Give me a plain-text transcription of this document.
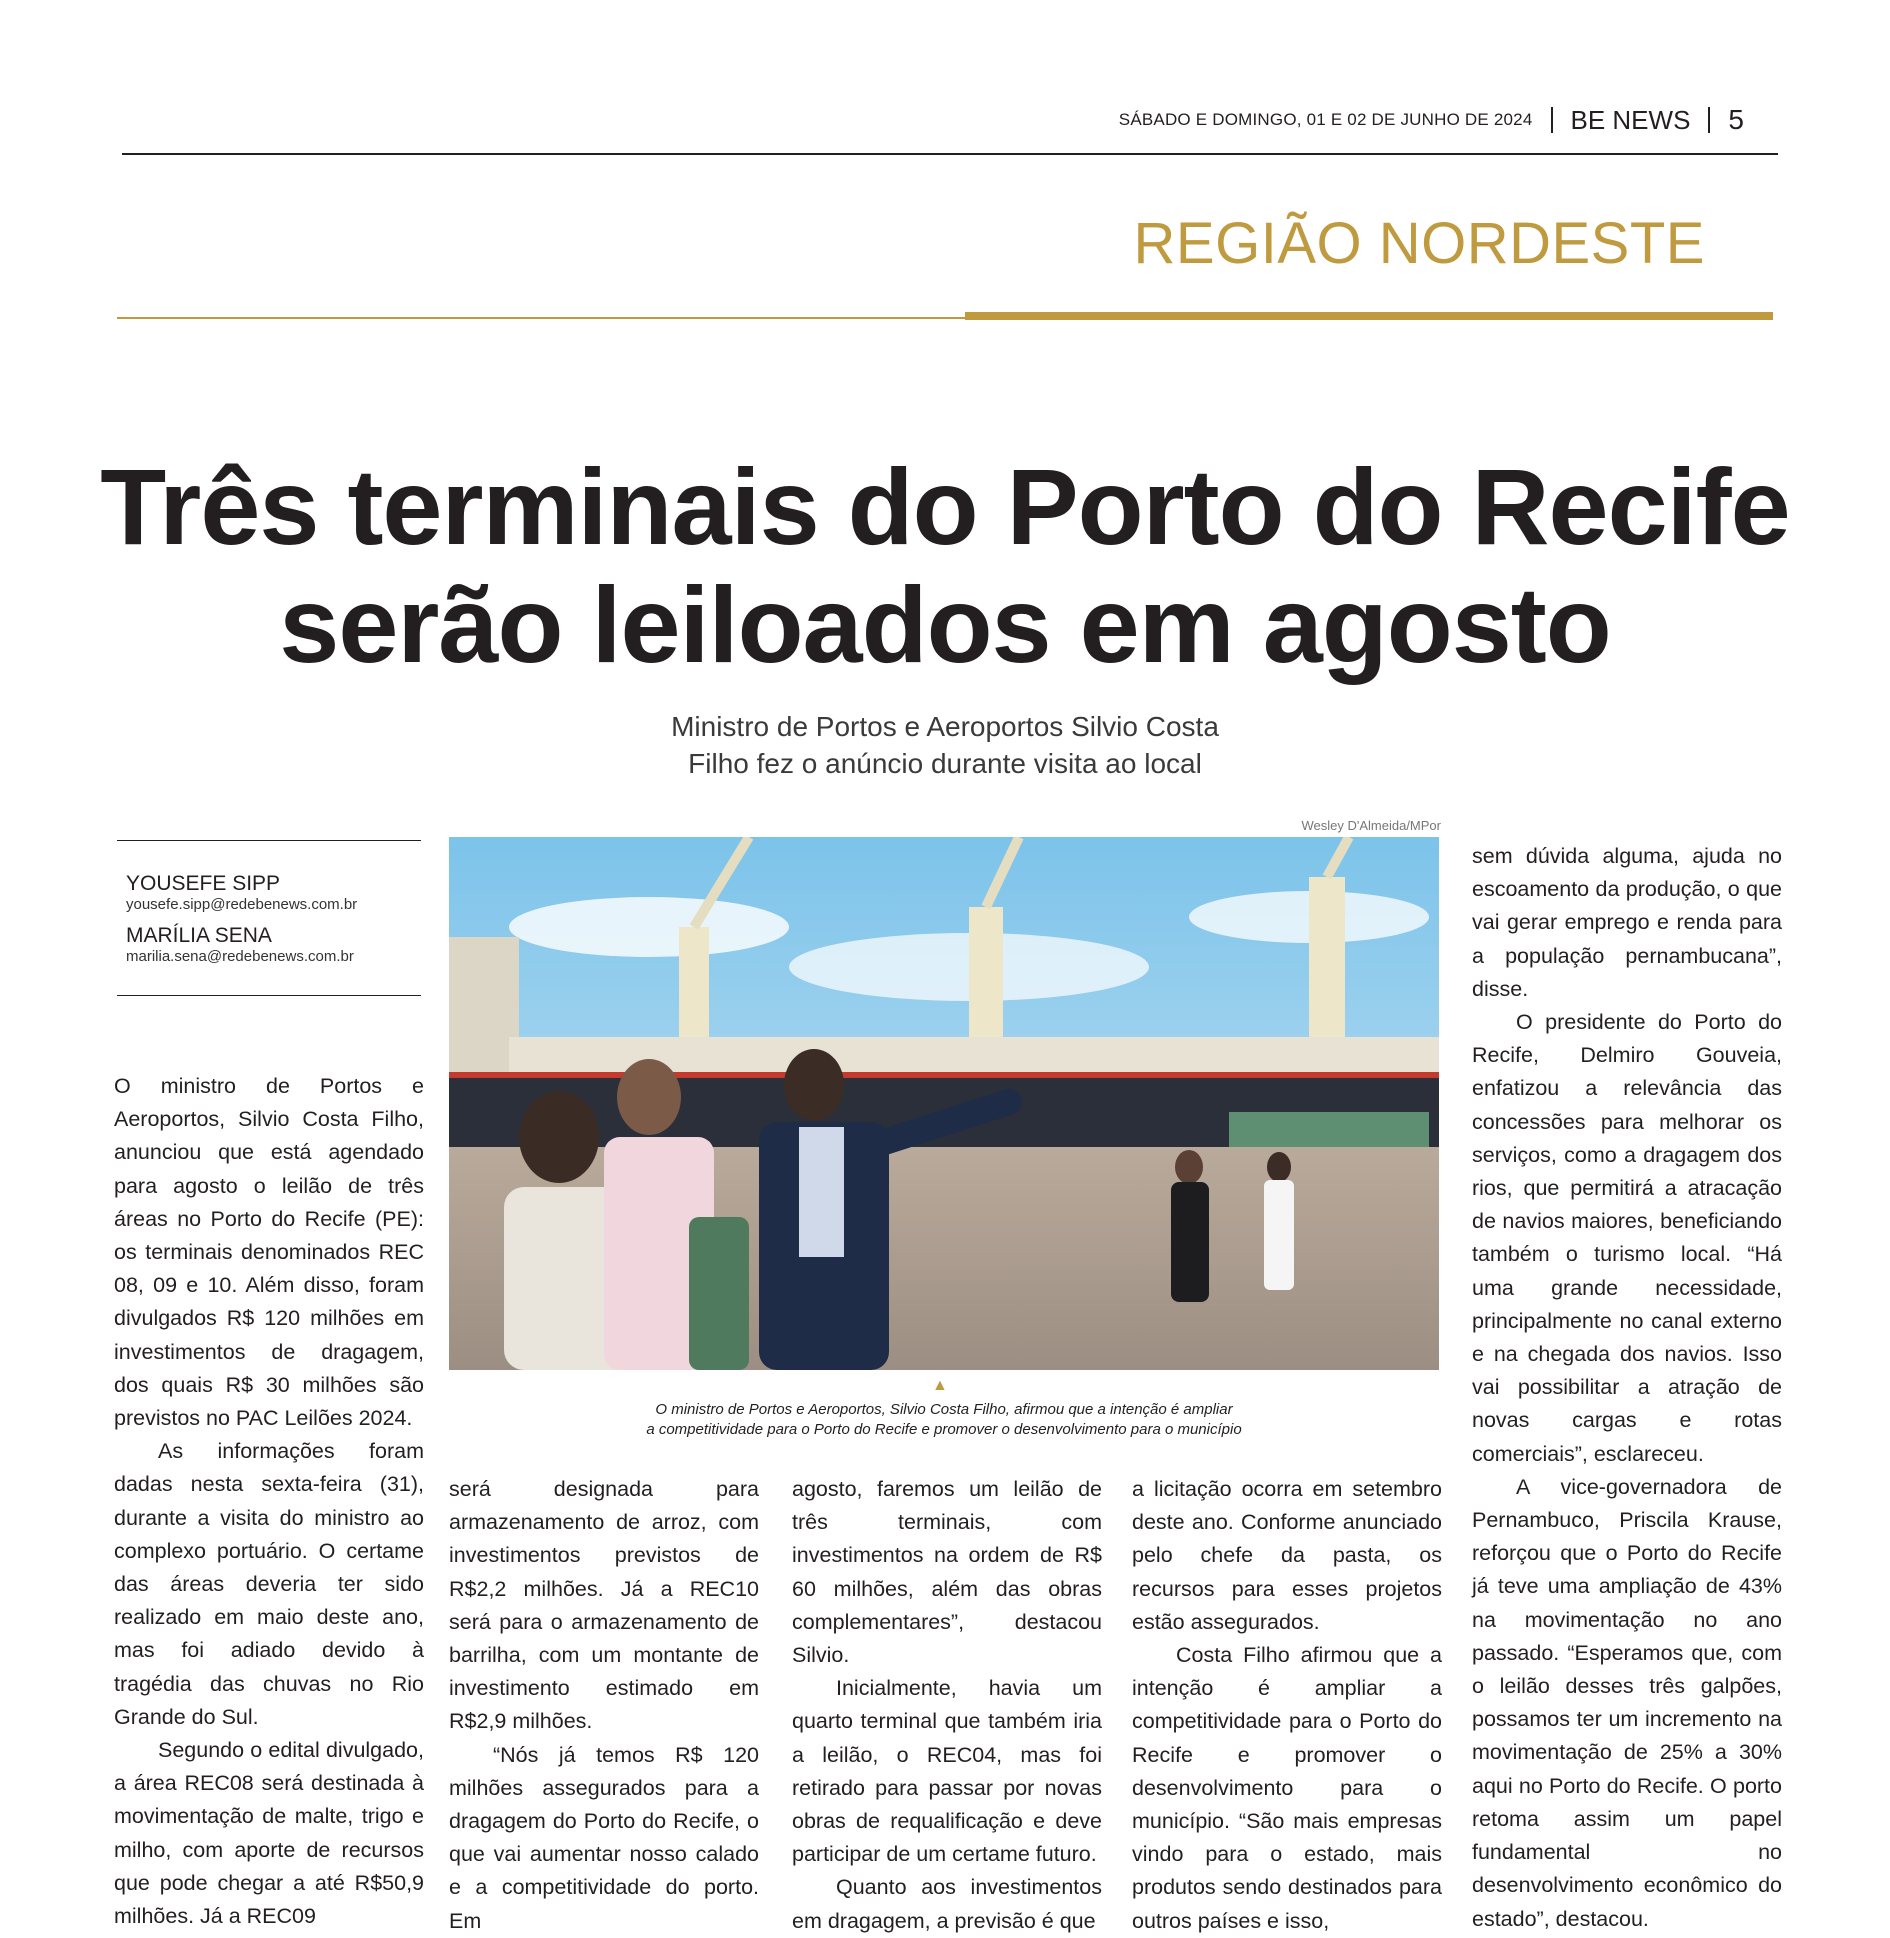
SÁBADO E DOMINGO, 01 E 02 DE JUNHO DE 2024 BE NEWS 5
REGIÃO NORDESTE
Três terminais do Porto do Recife
serão leiloados em agosto
Ministro de Portos e Aeroportos Silvio Costa
Filho fez o anúncio durante visita ao local
YOUSEFE SIPP
yousefe.sipp@redebenews.com.br
MARÍLIA SENA
marilia.sena@redebenews.com.br
Wesley D'Almeida/MPor
▲
O ministro de Portos e Aeroportos, Silvio Costa Filho, afirmou que a intenção é ampliar
a competitividade para o Porto do Recife e promover o desenvolvimento para o município

O ministro de Portos e Aeroportos, Silvio Costa Filho, anunciou que está agendado para agosto o leilão de três áreas no Porto do Recife (PE): os terminais denominados REC 08, 09 e 10. Além disso, foram divulgados R$ 120 milhões em investimentos de dragagem, dos quais R$ 30 milhões são previstos no PAC Leilões 2024.

As informações foram dadas nesta sexta-feira (31), durante a visita do ministro ao complexo portuário. O certame das áreas deveria ter sido realizado em maio deste ano, mas foi adiado devido à tragédia das chuvas no Rio Grande do Sul.

Segundo o edital divulgado, a área REC08 será destinada à movimentação de malte, trigo e milho, com aporte de recursos que pode chegar a até R$50,9 milhões. Já a REC09

será designada para armazenamento de arroz, com investimentos previstos de R$2,2 milhões. Já a REC10 será para o armazenamento de barrilha, com um montante de investimento estimado em R$2,9 milhões.

“Nós já temos R$ 120 milhões assegurados para a dragagem do Porto do Recife, o que vai aumentar nosso calado e a competitividade do porto. Em

agosto, faremos um leilão de três terminais, com investimentos na ordem de R$ 60 milhões, além das obras complementares”, destacou Silvio.

Inicialmente, havia um quarto terminal que também iria a leilão, o REC04, mas foi retirado para passar por novas obras de requalificação e deve participar de um certame futuro.

Quanto aos investimentos em dragagem, a previsão é que

a licitação ocorra em setembro deste ano. Conforme anunciado pelo chefe da pasta, os recursos para esses projetos estão assegurados.

Costa Filho afirmou que a intenção é ampliar a competitividade para o Porto do Recife e promover o desenvolvimento para o município. “São mais empresas vindo para o estado, mais produtos sendo destinados para outros países e isso,

sem dúvida alguma, ajuda no escoamento da produção, o que vai gerar emprego e renda para a população pernambucana”, disse.

O presidente do Porto do Recife, Delmiro Gouveia, enfatizou a relevância das concessões para melhorar os serviços, como a dragagem dos rios, que permitirá a atracação de navios maiores, beneficiando também o turismo local. “Há uma grande necessidade, principalmente no canal externo e na chegada dos navios. Isso vai possibilitar a atração de novas cargas e rotas comerciais”, esclareceu.

A vice-governadora de Pernambuco, Priscila Krause, reforçou que o Porto do Recife já teve uma ampliação de 43% na movimentação no ano passado. “Esperamos que, com o leilão desses três galpões, possamos ter um incremento na movimentação de 25% a 30% aqui no Porto do Recife. O porto retoma assim um papel fundamental no desenvolvimento econômico do estado”, destacou.
